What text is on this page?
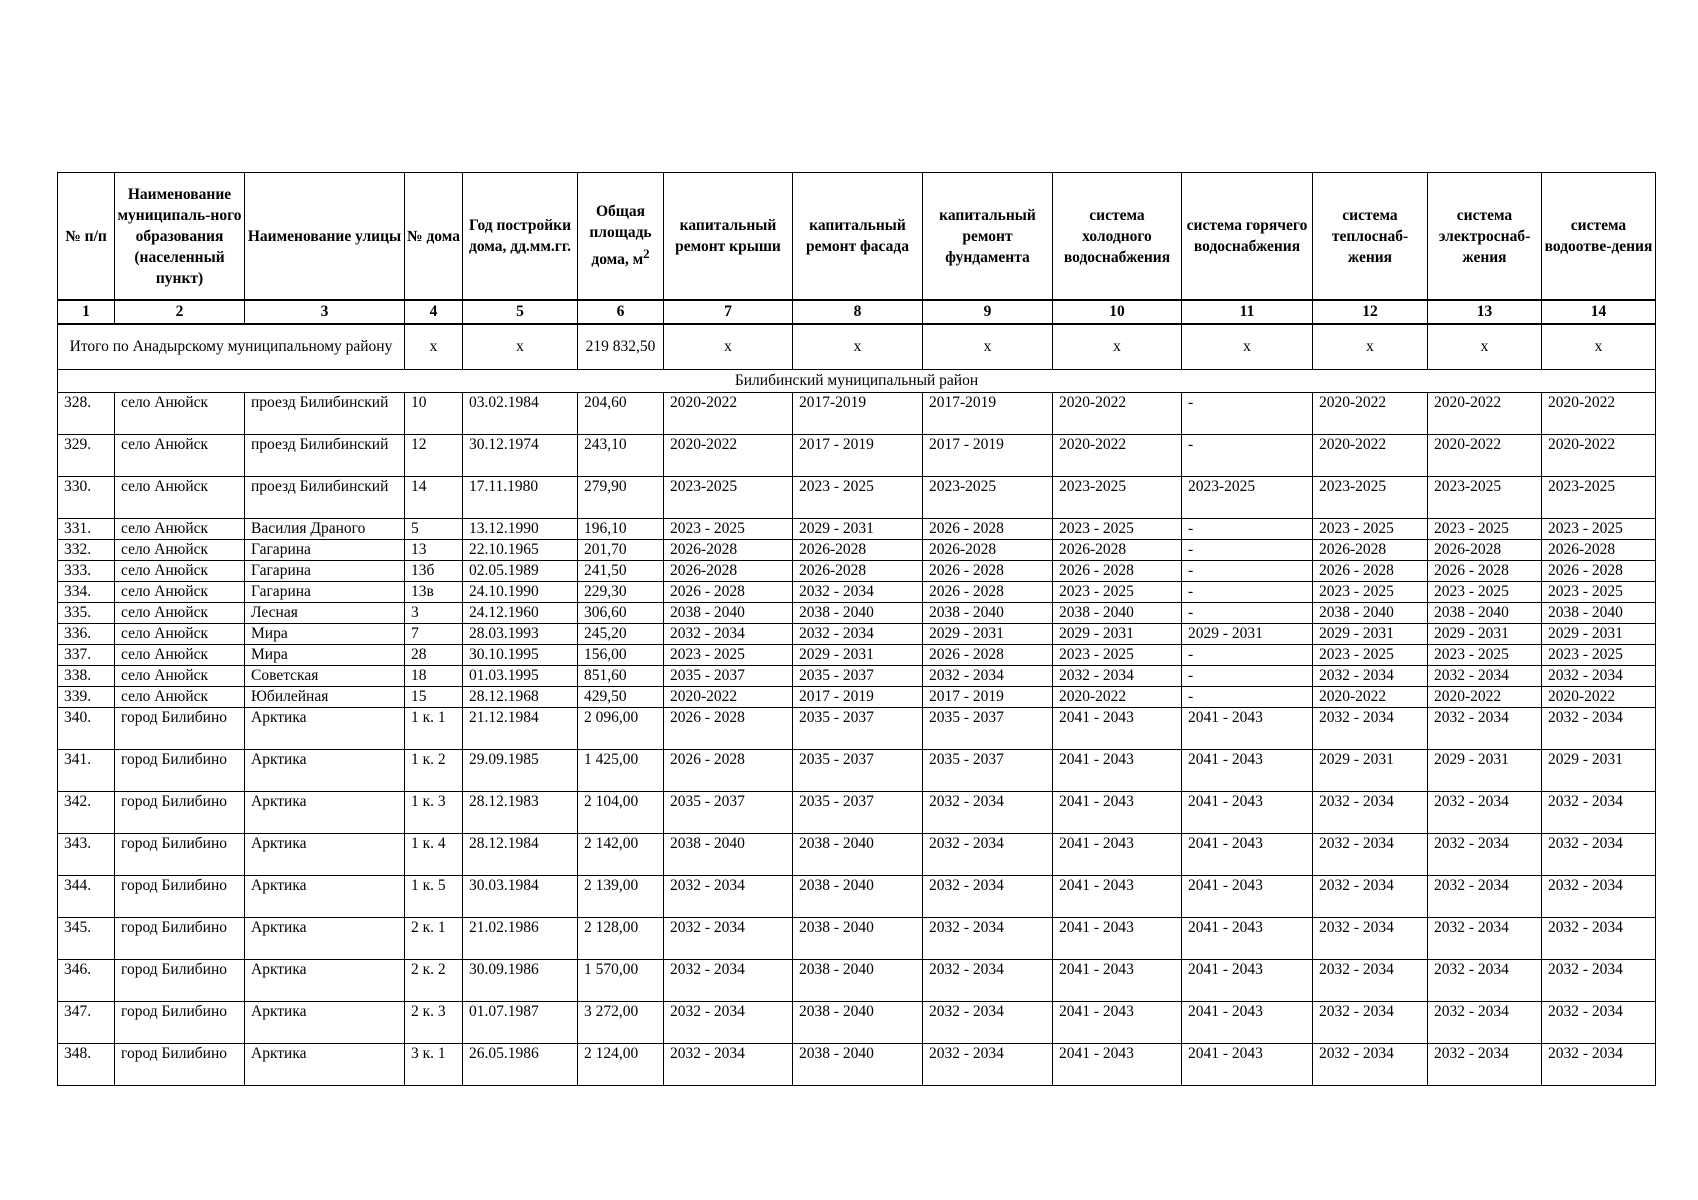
№ п/п	Наименование муниципаль-ного образования (населенный пункт)	Наименование улицы	№ дома	Год постройки дома, дд.мм.гг.	Общая площадь дома, $м^2$	капитальный ремонт крыши	капитальный ремонт фасада	капитальный ремонт фундамента	система холодного водоснабжения	система горячего водоснабжения	система теплоснаб-жения	система электроснаб-жения	система водоотве-дения
1	2	3	4	5	6	7	8	9	10	11	12	13	14
Итого по Анадырскому муниципальному району			х	х	219 832,50	х	х	х	х	х	х	х	х
Билибинский муниципальный район													
328.	село Анюйск	проезд Билибинский	10	03.02.1984	204,60	2020-2022	2017-2019	2017-2019	2020-2022	-	2020-2022	2020-2022	2020-2022
329.	село Анюйск	проезд Билибинский	12	30.12.1974	243,10	2020-2022	2017 - 2019	2017 - 2019	2020-2022	-	2020-2022	2020-2022	2020-2022
330.	село Анюйск	проезд Билибинский	14	17.11.1980	279,90	2023-2025	2023 - 2025	2023-2025	2023-2025	2023-2025	2023-2025	2023-2025	2023-2025
331.	село Анюйск	Василия Драного	5	13.12.1990	196,10	2023 - 2025	2029 - 2031	2026 - 2028	2023 - 2025	-	2023 - 2025	2023 - 2025	2023 - 2025
332.	село Анюйск	Гагарина	13	22.10.1965	201,70	2026-2028	2026-2028	2026-2028	2026-2028	-	2026-2028	2026-2028	2026-2028
333.	село Анюйск	Гагарина	13б	02.05.1989	241,50	2026-2028	2026-2028	2026 - 2028	2026 - 2028	-	2026 - 2028	2026 - 2028	2026 - 2028
334.	село Анюйск	Гагарина	13в	24.10.1990	229,30	2026 - 2028	2032 - 2034	2026 - 2028	2023 - 2025	-	2023 - 2025	2023 - 2025	2023 - 2025
335.	село Анюйск	Лесная	3	24.12.1960	306,60	2038 - 2040	2038 - 2040	2038 - 2040	2038 - 2040	-	2038 - 2040	2038 - 2040	2038 - 2040
336.	село Анюйск	Мира	7	28.03.1993	245,20	2032 - 2034	2032 - 2034	2029 - 2031	2029 - 2031	2029 - 2031	2029 - 2031	2029 - 2031	2029 - 2031
337.	село Анюйск	Мира	28	30.10.1995	156,00	2023 - 2025	2029 - 2031	2026 - 2028	2023 - 2025	-	2023 - 2025	2023 - 2025	2023 - 2025
338.	село Анюйск	Советская	18	01.03.1995	851,60	2035 - 2037	2035 - 2037	2032 - 2034	2032 - 2034	-	2032 - 2034	2032 - 2034	2032 - 2034
339.	село Анюйск	Юбилейная	15	28.12.1968	429,50	2020-2022	2017 - 2019	2017 - 2019	2020-2022	-	2020-2022	2020-2022	2020-2022
340.	город Билибино	Арктика	1 к. 1	21.12.1984	2 096,00	2026 - 2028	2035 - 2037	2035 - 2037	2041 - 2043	2041 - 2043	2032 - 2034	2032 - 2034	2032 - 2034
341.	город Билибино	Арктика	1 к. 2	29.09.1985	1 425,00	2026 - 2028	2035 - 2037	2035 - 2037	2041 - 2043	2041 - 2043	2029 - 2031	2029 - 2031	2029 - 2031
342.	город Билибино	Арктика	1 к. 3	28.12.1983	2 104,00	2035 - 2037	2035 - 2037	2032 - 2034	2041 - 2043	2041 - 2043	2032 - 2034	2032 - 2034	2032 - 2034
343.	город Билибино	Арктика	1 к. 4	28.12.1984	2 142,00	2038 - 2040	2038 - 2040	2032 - 2034	2041 - 2043	2041 - 2043	2032 - 2034	2032 - 2034	2032 - 2034
344.	город Билибино	Арктика	1 к. 5	30.03.1984	2 139,00	2032 - 2034	2038 - 2040	2032 - 2034	2041 - 2043	2041 - 2043	2032 - 2034	2032 - 2034	2032 - 2034
345.	город Билибино	Арктика	2 к. 1	21.02.1986	2 128,00	2032 - 2034	2038 - 2040	2032 - 2034	2041 - 2043	2041 - 2043	2032 - 2034	2032 - 2034	2032 - 2034
346.	город Билибино	Арктика	2 к. 2	30.09.1986	1 570,00	2032 - 2034	2038 - 2040	2032 - 2034	2041 - 2043	2041 - 2043	2032 - 2034	2032 - 2034	2032 - 2034
347.	город Билибино	Арктика	2 к. 3	01.07.1987	3 272,00	2032 - 2034	2038 - 2040	2032 - 2034	2041 - 2043	2041 - 2043	2032 - 2034	2032 - 2034	2032 - 2034
348.	город Билибино	Арктика	3 к. 1	26.05.1986	2 124,00	2032 - 2034	2038 - 2040	2032 - 2034	2041 - 2043	2041 - 2043	2032 - 2034	2032 - 2034	2032 - 2034
